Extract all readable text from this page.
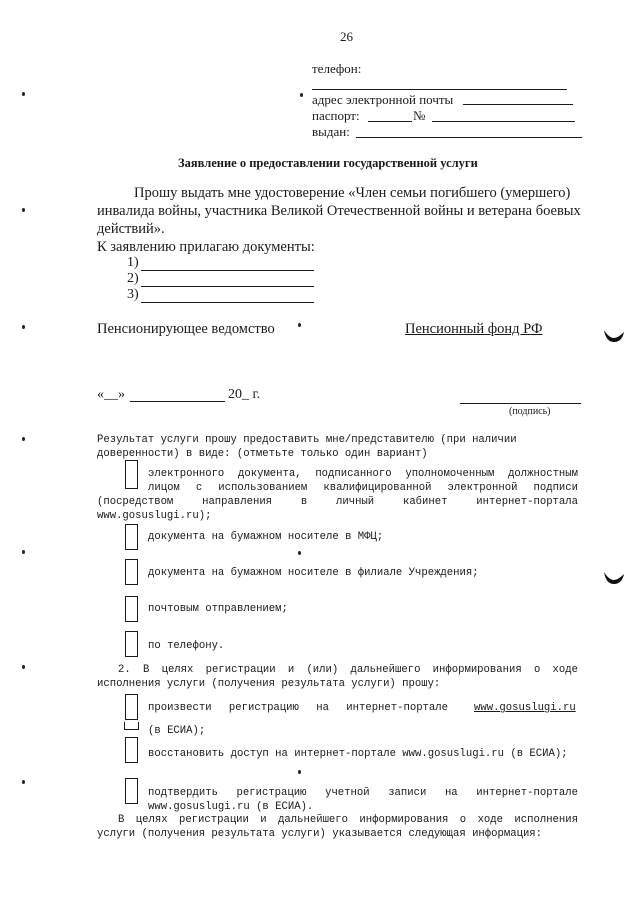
26
телефон:
адрес электронной почты
паспорт:	№
выдан:
Заявление о предоставлении государственной услуги
Прошу выдать мне удостоверение «Член семьи погибшего (умершего)
инвалида войны, участника Великой Отечественной войны и ветерана боевых
действий».
К заявлению прилагаю документы:
1)
2)
3)
Пенсионирующее ведомство	Пенсионный фонд РФ
«__»	20_ г.
(подпись)
Результат услуги прошу предоставить мне/представителю (при наличии
доверенности) в виде: (отметьте только один вариант)
электронного документа, подписанного уполномоченным должностным
лицом с использованием квалифицированной электронной подписи
(посредством направления в личный кабинет интернет-портала
www.gosuslugi.ru);
документа на бумажном носителе в МФЦ;
документа на бумажном носителе в филиале Учреждения;
почтовым отправлением;
по телефону.
2. В целях регистрации и (или) дальнейшего информирования о ходе
исполнения услуги (получения результата услуги) прошу:
произвести регистрацию на интернет-портале www.gosuslugi.ru
(в ЕСИА);
восстановить доступ на интернет-портале www.gosuslugi.ru (в ЕСИА);
подтвердить регистрацию учетной записи на интернет-портале
www.gosuslugi.ru (в ЕСИА).
В целях регистрации и дальнейшего информирования о ходе исполнения
услуги (получения результата услуги) указывается следующая информация:
